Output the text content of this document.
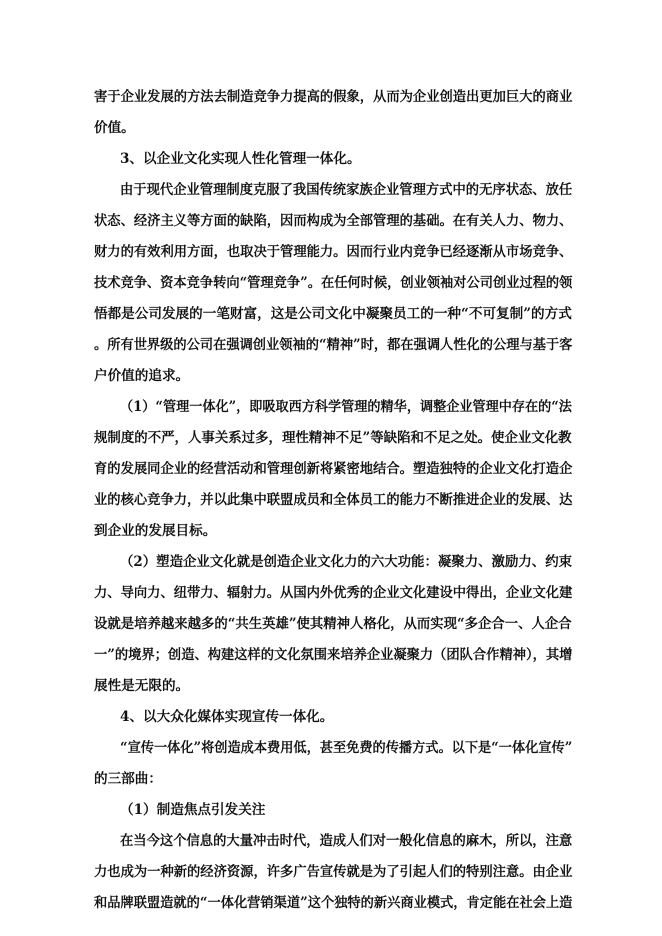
害于企业发展的方法去制造竞争力提高的假象，从而为企业创造出更加巨大的商业
价值。
3、以企业文化实现人性化管理一体化。
由于现代企业管理制度克服了我国传统家族企业管理方式中的无序状态、放任
状态、经济主义等方面的缺陷，因而构成为全部管理的基础。在有关人力、物力、
财力的有效利用方面，也取决于管理能力。因而行业内竞争已经逐渐从市场竞争、
技术竞争、资本竞争转向“管理竞争”。在任何时候，创业领袖对公司创业过程的领
悟都是公司发展的一笔财富，这是公司文化中凝聚员工的一种“不可复制”的方式
。所有世界级的公司在强调创业领袖的“精神”时，都在强调人性化的公理与基于客
户价值的追求。
（1）“管理一体化”，即吸取西方科学管理的精华，调整企业管理中存在的“法
规制度的不严，人事关系过多，理性精神不足”等缺陷和不足之处。使企业文化教
育的发展同企业的经营活动和管理创新将紧密地结合。塑造独特的企业文化打造企
业的核心竞争力，并以此集中联盟成员和全体员工的能力不断推进企业的发展、达
到企业的发展目标。
（2）塑造企业文化就是创造企业文化力的六大功能：凝聚力、激励力、约束
力、导向力、纽带力、辐射力。从国内外优秀的企业文化建设中得出，企业文化建
设就是培养越来越多的“共生英雄”使其精神人格化，从而实现“多企合一、人企合
一”的境界；创造、构建这样的文化氛围来培养企业凝聚力（团队合作精神），其增
展性是无限的。
4、以大众化媒体实现宣传一体化。
“宣传一体化”将创造成本费用低，甚至免费的传播方式。以下是“一体化宣传”
的三部曲：
（1）制造焦点引发关注
在当今这个信息的大量冲击时代，造成人们对一般化信息的麻木，所以，注意
力也成为一种新的经济资源，许多广告宣传就是为了引起人们的特别注意。由企业
和品牌联盟造就的“一体化营销渠道”这个独特的新兴商业模式，肯定能在社会上造
